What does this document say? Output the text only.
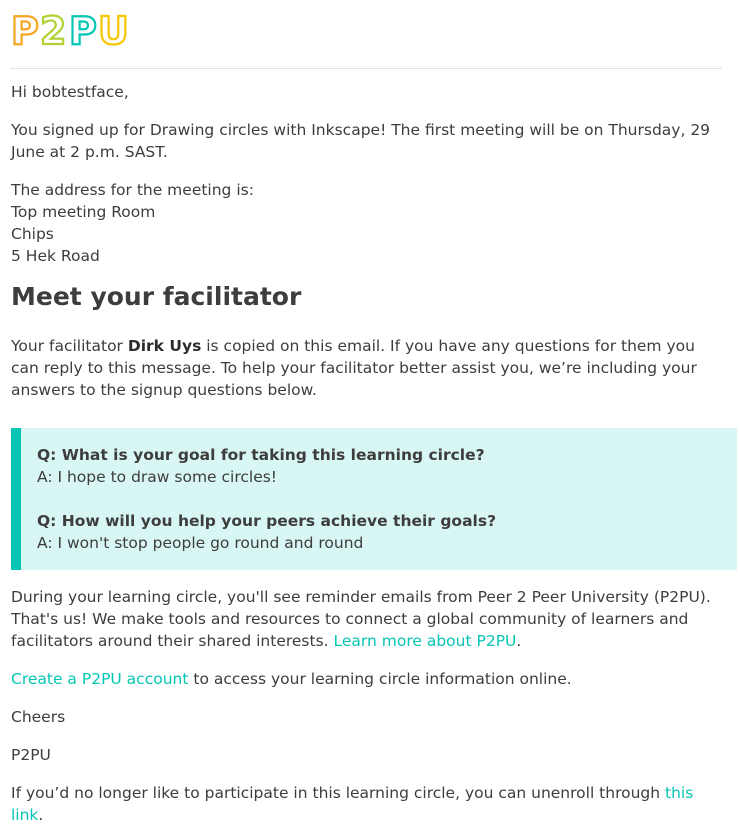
P 2 P U

Hi bobtestface,

You signed up for Drawing circles with Inkscape! The first meeting will be on Thursday, 29 June at 2 p.m. SAST.

The address for the meeting is:

Top meeting Room

Chips

5 Hek Road

Meet your facilitator

Your facilitator Dirk Uys is copied on this email. If you have any questions for them you can reply to this message. To help your facilitator better assist you, we’re including your answers to the signup questions below.

Q: What is your goal for taking this learning circle?

A: I hope to draw some circles!

Q: How will you help your peers achieve their goals?

A: I won't stop people go round and round

During your learning circle, you'll see reminder emails from Peer 2 Peer University (P2PU). That's us! We make tools and resources to connect a global community of learners and facilitators around their shared interests. Learn more about P2PU.

Create a P2PU account to access your learning circle information online.

Cheers

P2PU

If you’d no longer like to participate in this learning circle, you can unenroll through this link.
